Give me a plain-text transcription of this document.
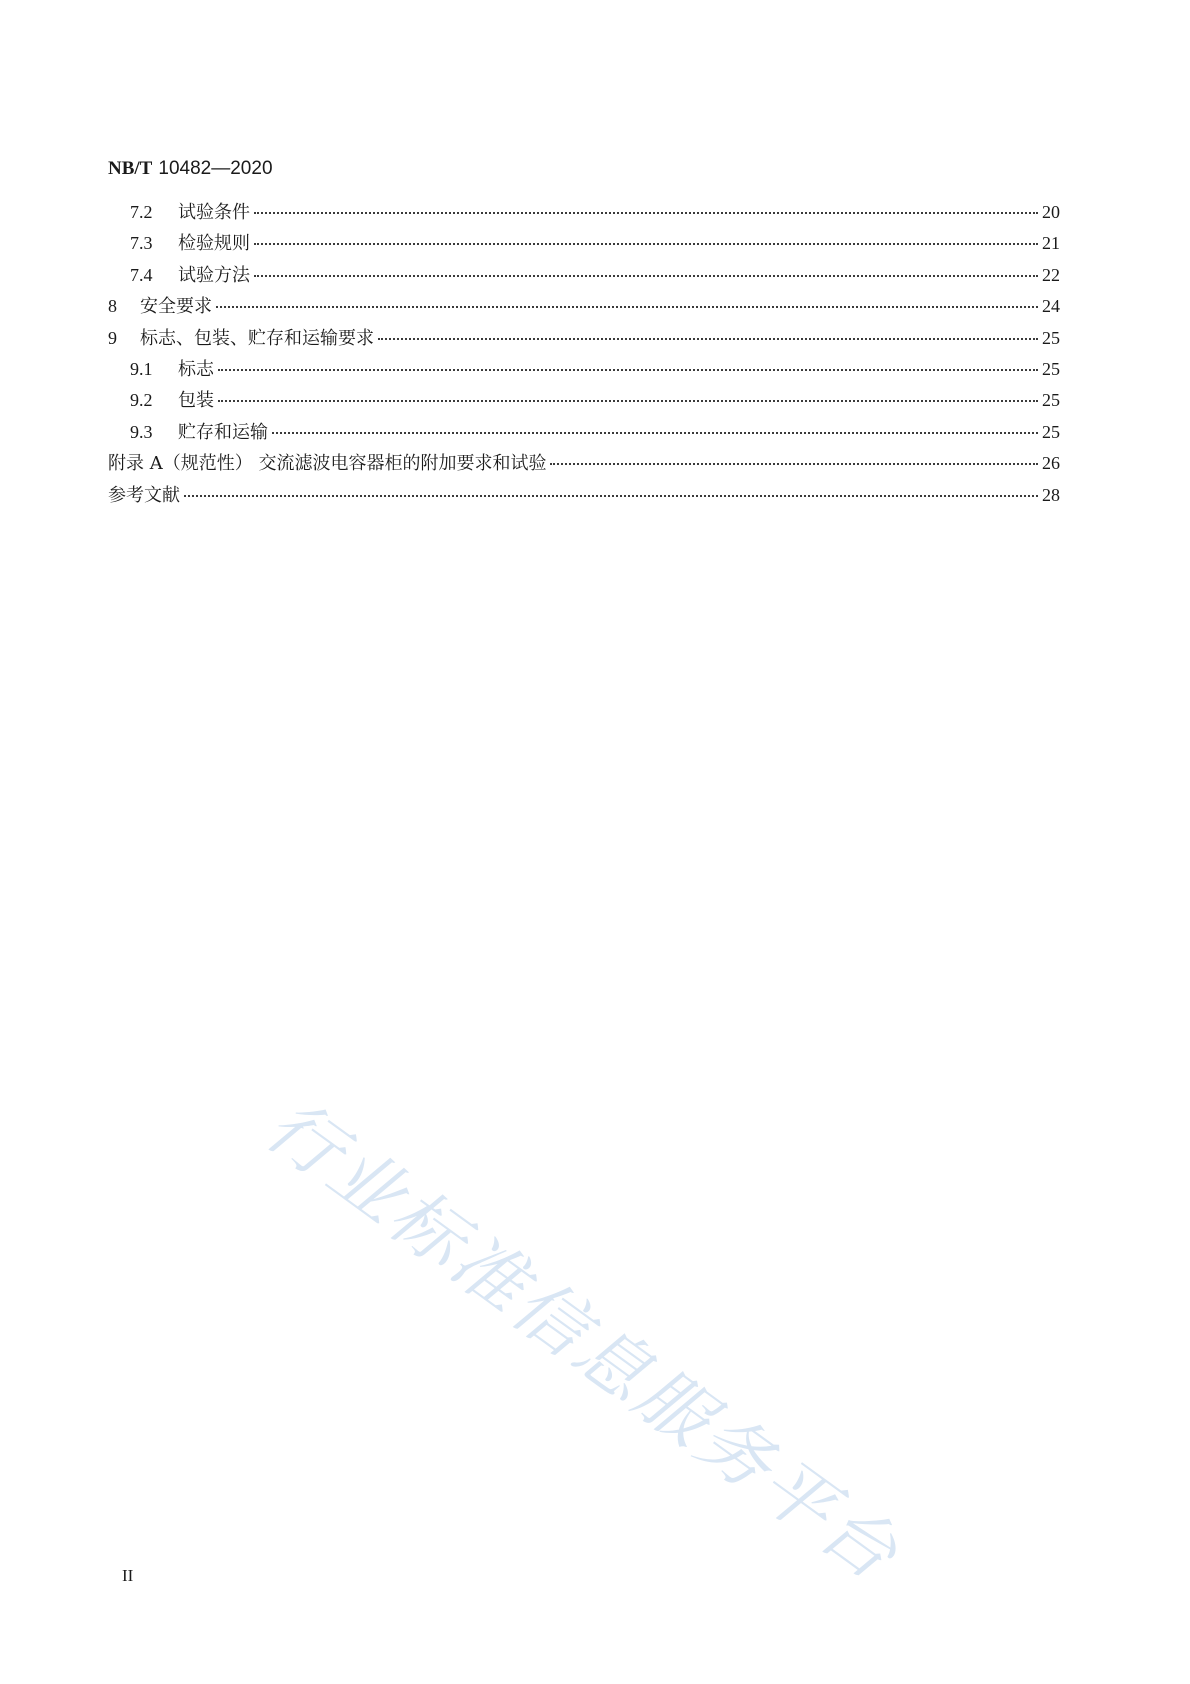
NB/T 10482—2020
7.2	试验条件	20
7.3	检验规则	21
7.4	试验方法	22
8	安全要求	24
9	标志、包装、贮存和运输要求	25
9.1	标志	25
9.2	包装	25
9.3	贮存和运输	25
附录 A（规范性） 交流滤波电容器柜的附加要求和试验	26
参考文献	28
行业标准信息服务平台
II
